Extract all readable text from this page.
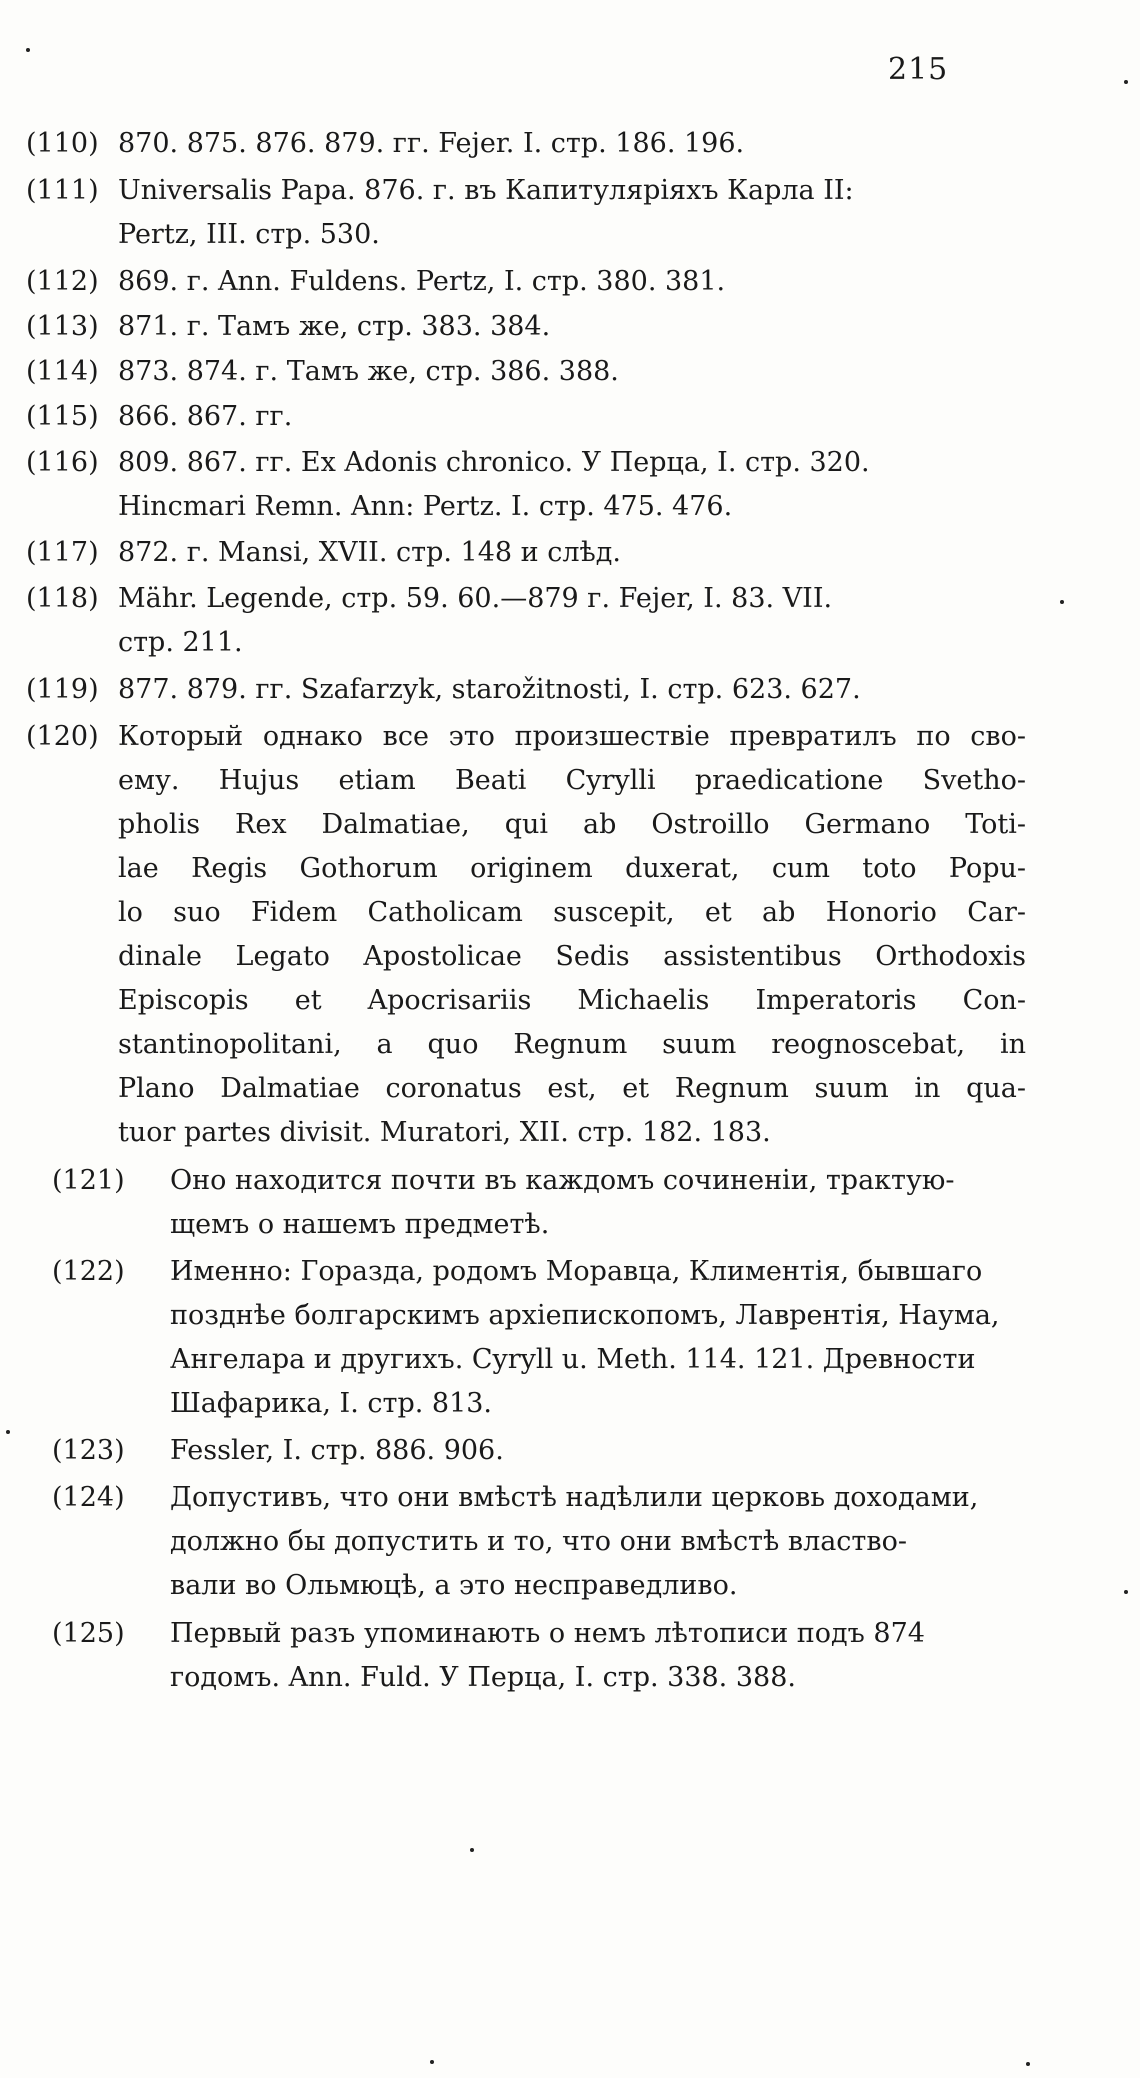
215
(110) 870. 875. 876. 879. гг. Fejer. I. стр. 186. 196.
(111) Universalis Papa. 876. г. въ Капитуляріяхъ Карла II:
Pertz, III. стр. 530.
(112) 869. г. Ann. Fuldens. Pertz, I. стр. 380. 381.
(113) 871. г. Тамъ же, стр. 383. 384.
(114) 873. 874. г. Тамъ же, стр. 386. 388.
(115) 866. 867. гг.
(116) 809. 867. гг. Ex Adonis chronico. У Перца, I. стр. 320.
Hincmari Remn. Ann: Pertz. I. стр. 475. 476.
(117) 872. г. Mansi, XVII. стр. 148 и слѣд.
(118) Mähr. Legende, стр. 59. 60.—879 г. Fejer, I. 83. VII.
стр. 211.
(119) 877. 879. гг. Szafarzyk, starožitnosti, I. стр. 623. 627.
(120) Который однако все это произшествіе превратилъ по сво-
ему. Hujus etiam Beati Cyrylli praedicatione Svetho-
pholis Rex Dalmatiae, qui ab Ostroillo Germano Toti-
lae Regis Gothorum originem duxerat, cum toto Popu-
lo suo Fidem Catholicam suscepit, et ab Honorio Car-
dinale Legato Apostolicae Sedis assistentibus Orthodoxis
Episcopis et Apocrisariis Michaelis Imperatoris Con-
stantinopolitani, a quo Regnum suum reognoscebat, in
Plano Dalmatiae coronatus est, et Regnum suum in qua-
tuor partes divisit. Muratori, XII. стр. 182. 183.
(121)	Оно находится почти въ каждомъ сочиненіи, трактую-
щемъ о нашемъ предметѣ.
(122)	Именно: Горазда, родомъ Моравца, Климентія, бывшаго
позднѣе болгарскимъ архіепископомъ, Лаврентія, Наума,
Ангелара и другихъ. Cyryll u. Meth. 114. 121. Древности
Шафарика, I. стр. 813.
(123)	Fessler, I. стр. 886. 906.
(124)	Допустивъ, что они вмѣстѣ надѣлили церковь доходами,
должно бы допустить и то, что они вмѣстѣ властво-
вали во Ольмюцѣ, а это несправедливо.
(125)	Первый разъ упоминають о немъ лѣтописи подъ 874
годомъ. Ann. Fuld. У Перца, I. стр. 338. 388.
